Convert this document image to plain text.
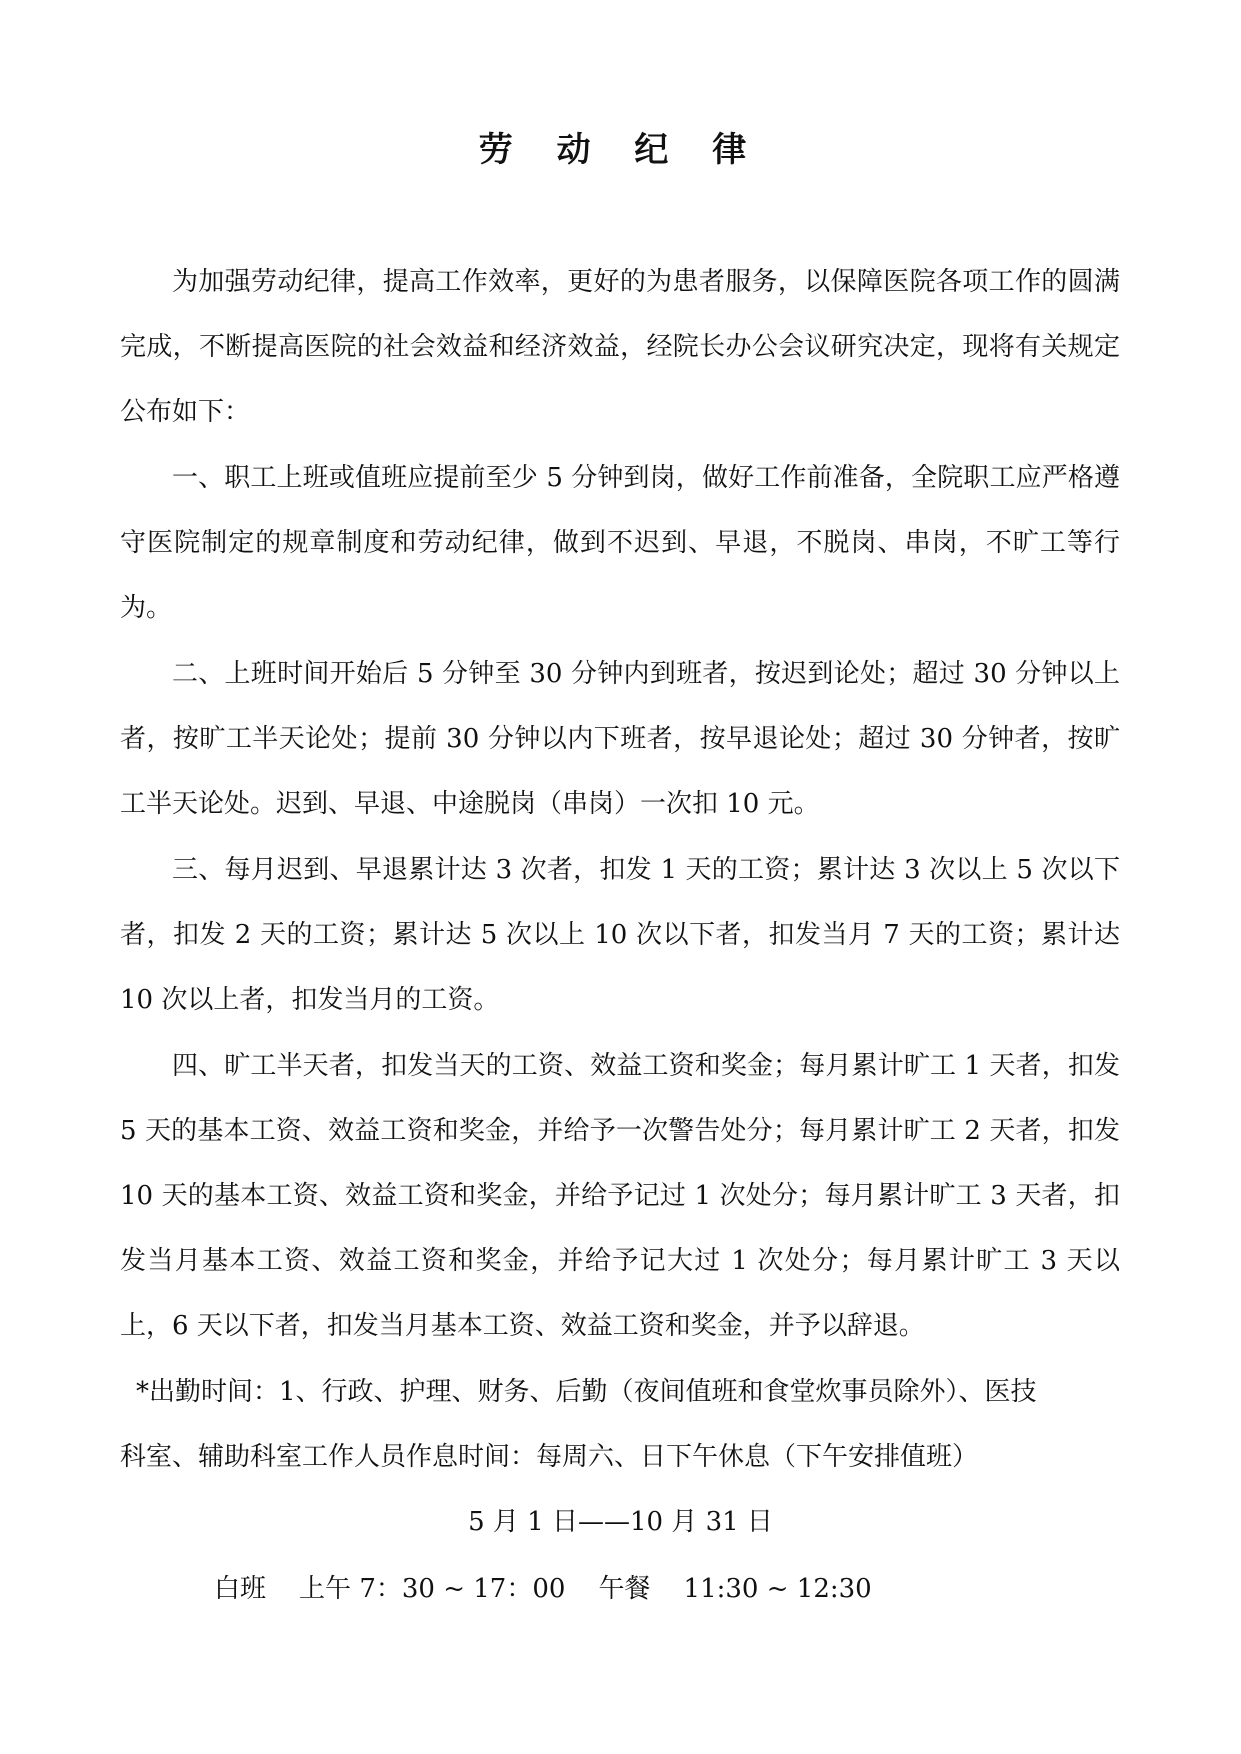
劳 动 纪 律

为加强劳动纪律，提高工作效率，更好的为患者服务，以保障医院各项工作的圆满完成，不断提高医院的社会效益和经济效益，经院长办公会议研究决定，现将有关规定公布如下：

一、职工上班或值班应提前至少 5 分钟到岗，做好工作前准备，全院职工应严格遵守医院制定的规章制度和劳动纪律，做到不迟到、早退，不脱岗、串岗，不旷工等行为。

二、上班时间开始后 5 分钟至 30 分钟内到班者，按迟到论处；超过 30 分钟以上者，按旷工半天论处；提前 30 分钟以内下班者，按早退论处；超过 30 分钟者，按旷工半天论处。迟到、早退、中途脱岗（串岗）一次扣 10 元。

三、每月迟到、早退累计达 3 次者，扣发 1 天的工资；累计达 3 次以上 5 次以下者，扣发 2 天的工资；累计达 5 次以上 10 次以下者，扣发当月 7 天的工资；累计达 10 次以上者，扣发当月的工资。

四、旷工半天者，扣发当天的工资、效益工资和奖金；每月累计旷工 1 天者，扣发 5 天的基本工资、效益工资和奖金，并给予一次警告处分；每月累计旷工 2 天者，扣发 10 天的基本工资、效益工资和奖金，并给予记过 1 次处分；每月累计旷工 3 天者，扣发当月基本工资、效益工资和奖金，并给予记大过 1 次处分；每月累计旷工 3 天以上，6 天以下者，扣发当月基本工资、效益工资和奖金，并予以辞退。

*出勤时间：1、行政、护理、财务、后勤（夜间值班和食堂炊事员除外）、医技
科室、辅助科室工作人员作息时间：每周六、日下午休息（下午安排值班）

5 月 1 日——10 月 31 日
白班    上午 7：30 ~ 17：00    午餐    11:30 ~ 12:30
